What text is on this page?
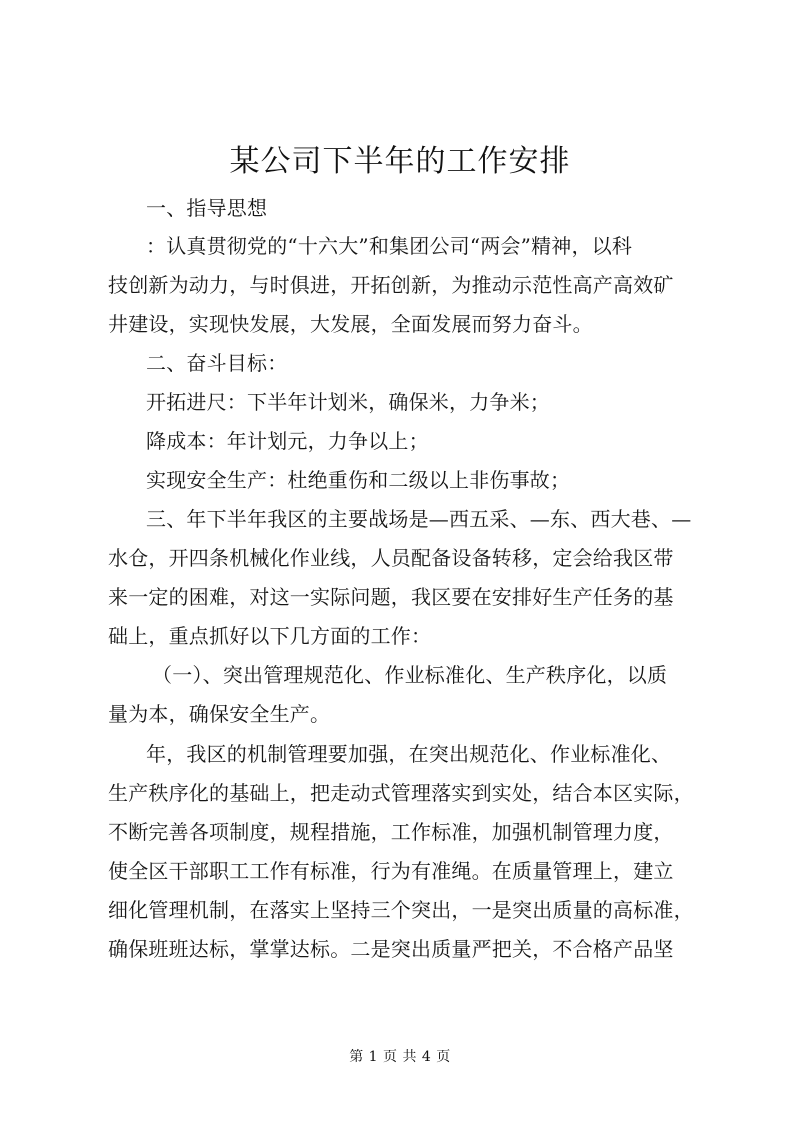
某公司下半年的工作安排
一、指导思想
：认真贯彻党的“十六大”和集团公司“两会”精神，以科
技创新为动力，与时俱进，开拓创新，为推动示范性高产高效矿
井建设，实现快发展，大发展，全面发展而努力奋斗。
二、奋斗目标：
开拓进尺：下半年计划米，确保米，力争米；
降成本：年计划元，力争以上；
实现安全生产：杜绝重伤和二级以上非伤事故；
三、年下半年我区的主要战场是—西五采、—东、西大巷、—
水仓，开四条机械化作业线，人员配备设备转移，定会给我区带
来一定的困难，对这一实际问题，我区要在安排好生产任务的基
础上，重点抓好以下几方面的工作：
（一）、突出管理规范化、作业标准化、生产秩序化，以质
量为本，确保安全生产。
年，我区的机制管理要加强，在突出规范化、作业标准化、
生产秩序化的基础上，把走动式管理落实到实处，结合本区实际，
不断完善各项制度，规程措施，工作标准，加强机制管理力度，
使全区干部职工工作有标准，行为有准绳。在质量管理上，建立
细化管理机制，在落实上坚持三个突出，一是突出质量的高标准，
确保班班达标，掌掌达标。二是突出质量严把关，不合格产品坚
第 1 页 共 4 页
